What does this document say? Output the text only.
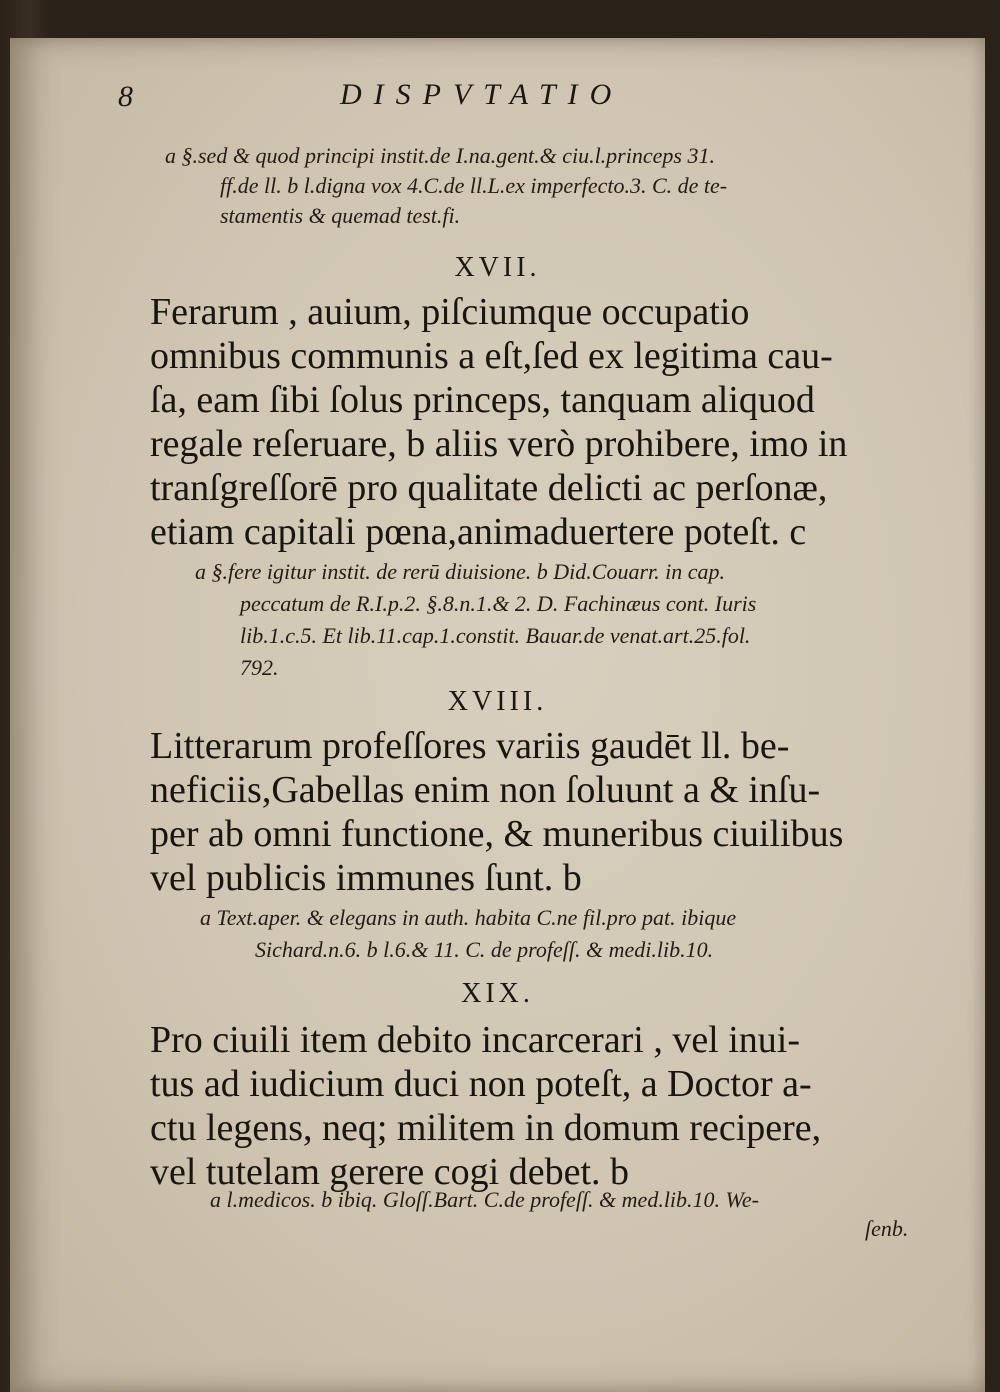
8	DISPVTATIO
a §.sed & quod principi instit.de I.na.gent.& ciu.l.princeps 31.
ff.de ll. b l.digna vox 4.C.de ll.L.ex imperfecto.3. C. de te-
stamentis & quemad test.fi.
XVII.
Ferarum , auium, piſciumque occupatio
omnibus communis a eſt,ſed ex legitima cau-
ſa, eam ſibi ſolus princeps, tanquam aliquod
regale reſeruare, b aliis verò prohibere, imo in
tranſgreſſorē pro qualitate delicti ac perſonæ,
etiam capitali pœna,animaduertere poteſt. c
a §.fere igitur instit. de rerū diuisione. b Did.Couarr. in cap.
peccatum de R.I.p.2. §.8.n.1.& 2. D. Fachinæus cont. Iuris
lib.1.c.5. Et lib.11.cap.1.constit. Bauar.de venat.art.25.fol.
792.
XVIII.
Litterarum profeſſores variis gaudēt ll. be-
neficiis,Gabellas enim non ſoluunt a & inſu-
per ab omni functione, & muneribus ciuilibus
vel publicis immunes ſunt. b
a Text.aper. & elegans in auth. habita C.ne fil.pro pat. ibique
Sichard.n.6. b l.6.& 11. C. de profeſſ. & medi.lib.10.
XIX.
Pro ciuili item debito incarcerari , vel inui-
tus ad iudicium duci non poteſt, a Doctor a-
ctu legens, neq; militem in domum recipere,
vel tutelam gerere cogi debet. b
a l.medicos. b ibiq. Gloſſ.Bart. C.de profeſſ. & med.lib.10. We-
ſenb.
